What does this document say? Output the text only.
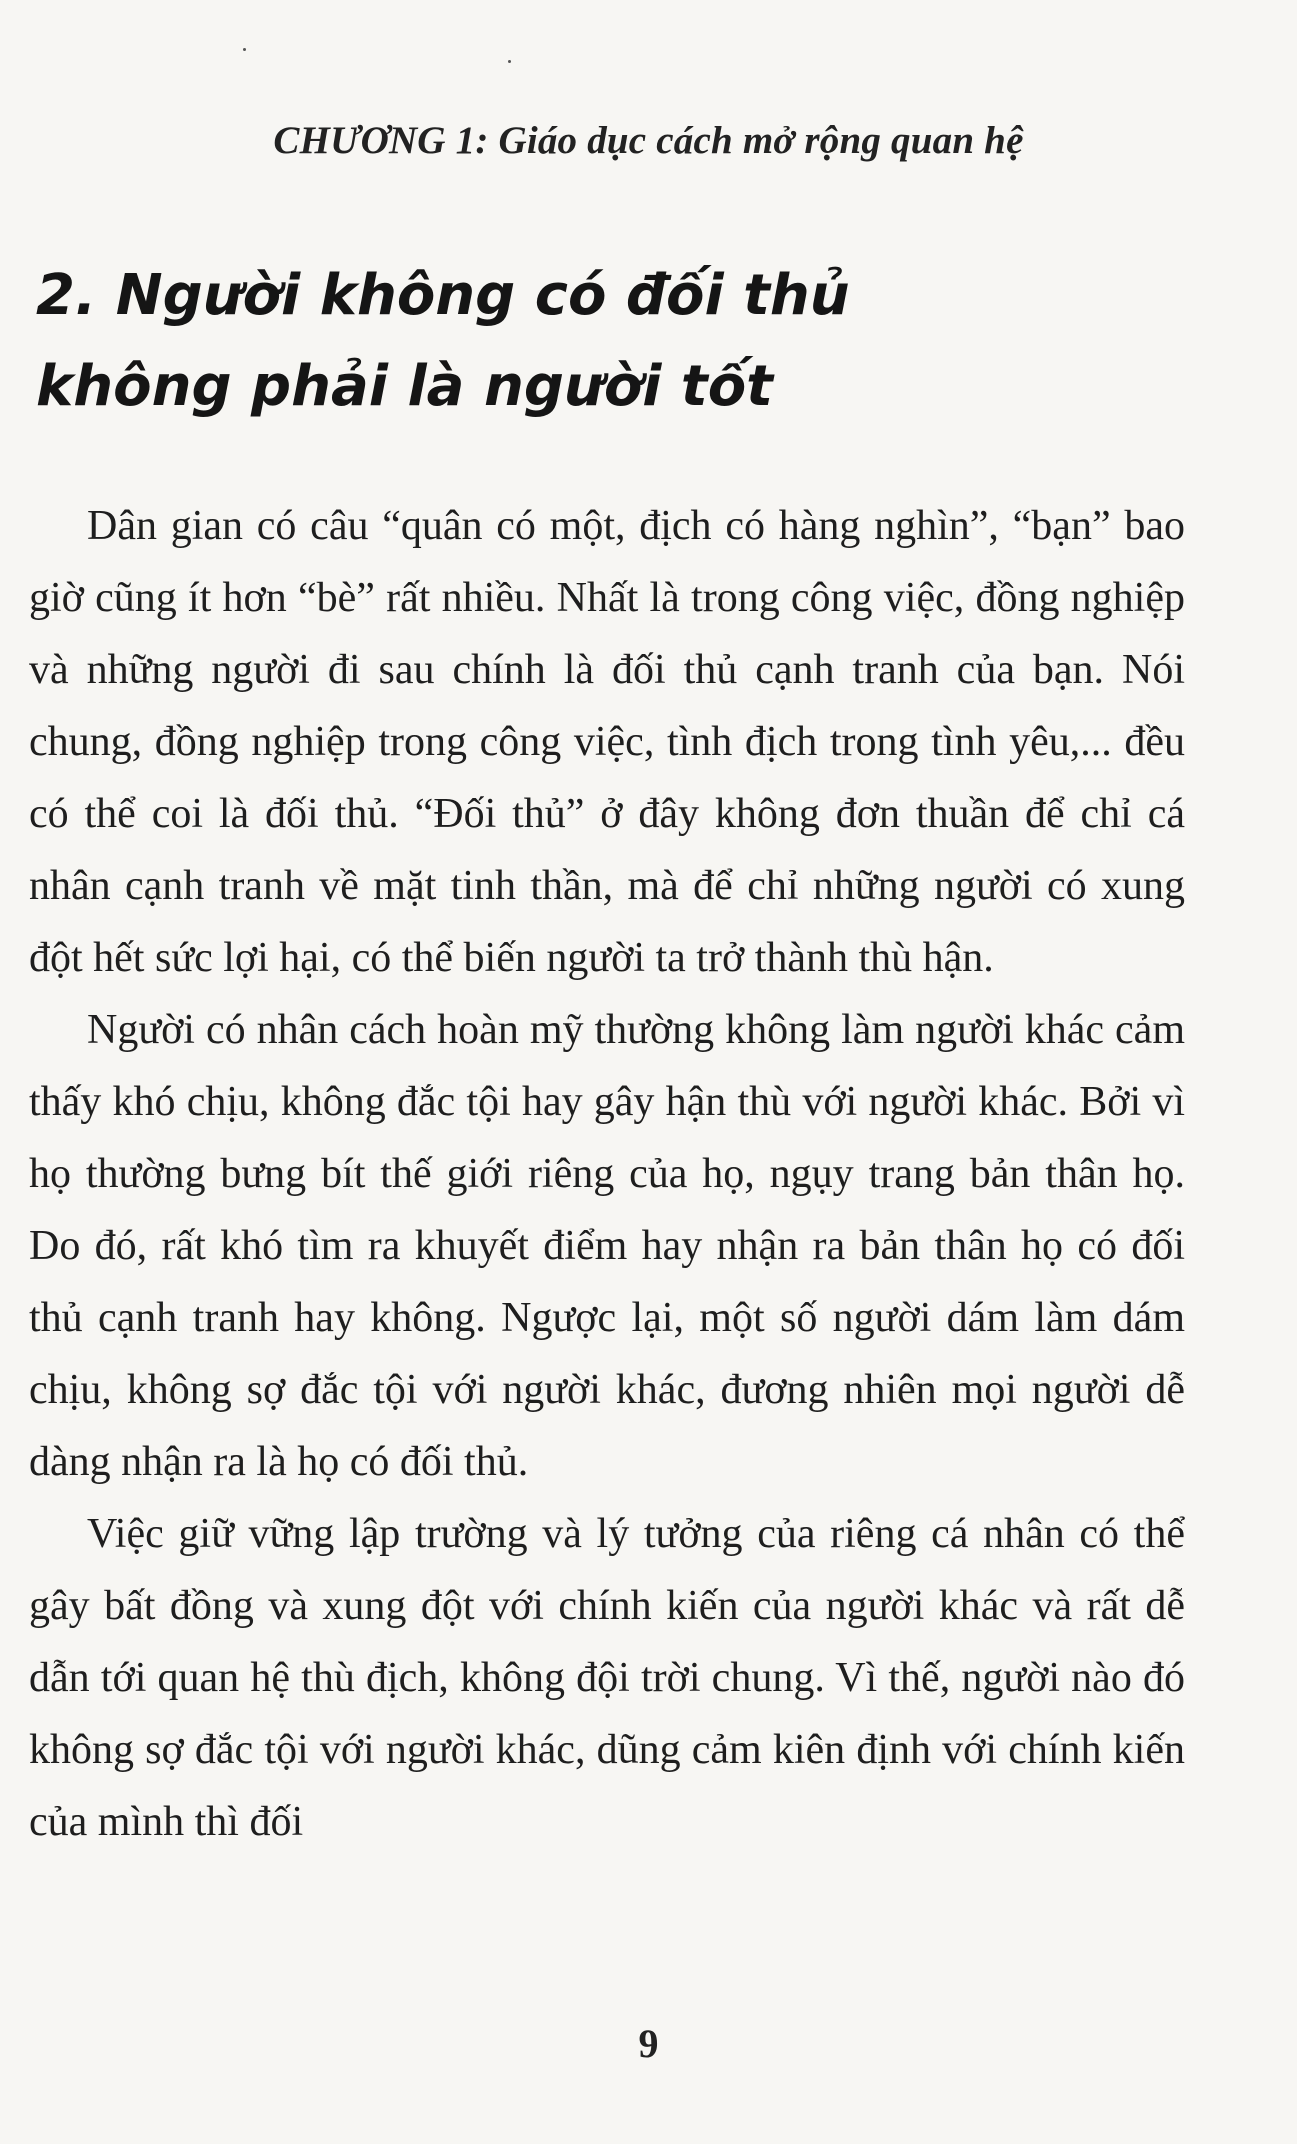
CHƯƠNG 1: Giáo dục cách mở rộng quan hệ
2. Người không có đối thủ
không phải là người tốt

Dân gian có câu “quân có một, địch có hàng nghìn”, “bạn” bao giờ cũng ít hơn “bè” rất nhiều. Nhất là trong công việc, đồng nghiệp và những người đi sau chính là đối thủ cạnh tranh của bạn. Nói chung, đồng nghiệp trong công việc, tình địch trong tình yêu,... đều có thể coi là đối thủ. “Đối thủ” ở đây không đơn thuần để chỉ cá nhân cạnh tranh về mặt tinh thần, mà để chỉ những người có xung đột hết sức lợi hại, có thể biến người ta trở thành thù hận.

Người có nhân cách hoàn mỹ thường không làm người khác cảm thấy khó chịu, không đắc tội hay gây hận thù với người khác. Bởi vì họ thường bưng bít thế giới riêng của họ, ngụy trang bản thân họ. Do đó, rất khó tìm ra khuyết điểm hay nhận ra bản thân họ có đối thủ cạnh tranh hay không. Ngược lại, một số người dám làm dám chịu, không sợ đắc tội với người khác, đương nhiên mọi người dễ dàng nhận ra là họ có đối thủ.

Việc giữ vững lập trường và lý tưởng của riêng cá nhân có thể gây bất đồng và xung đột với chính kiến của người khác và rất dễ dẫn tới quan hệ thù địch, không đội trời chung. Vì thế, người nào đó không sợ đắc tội với người khác, dũng cảm kiên định với chính kiến của mình thì đối

9
